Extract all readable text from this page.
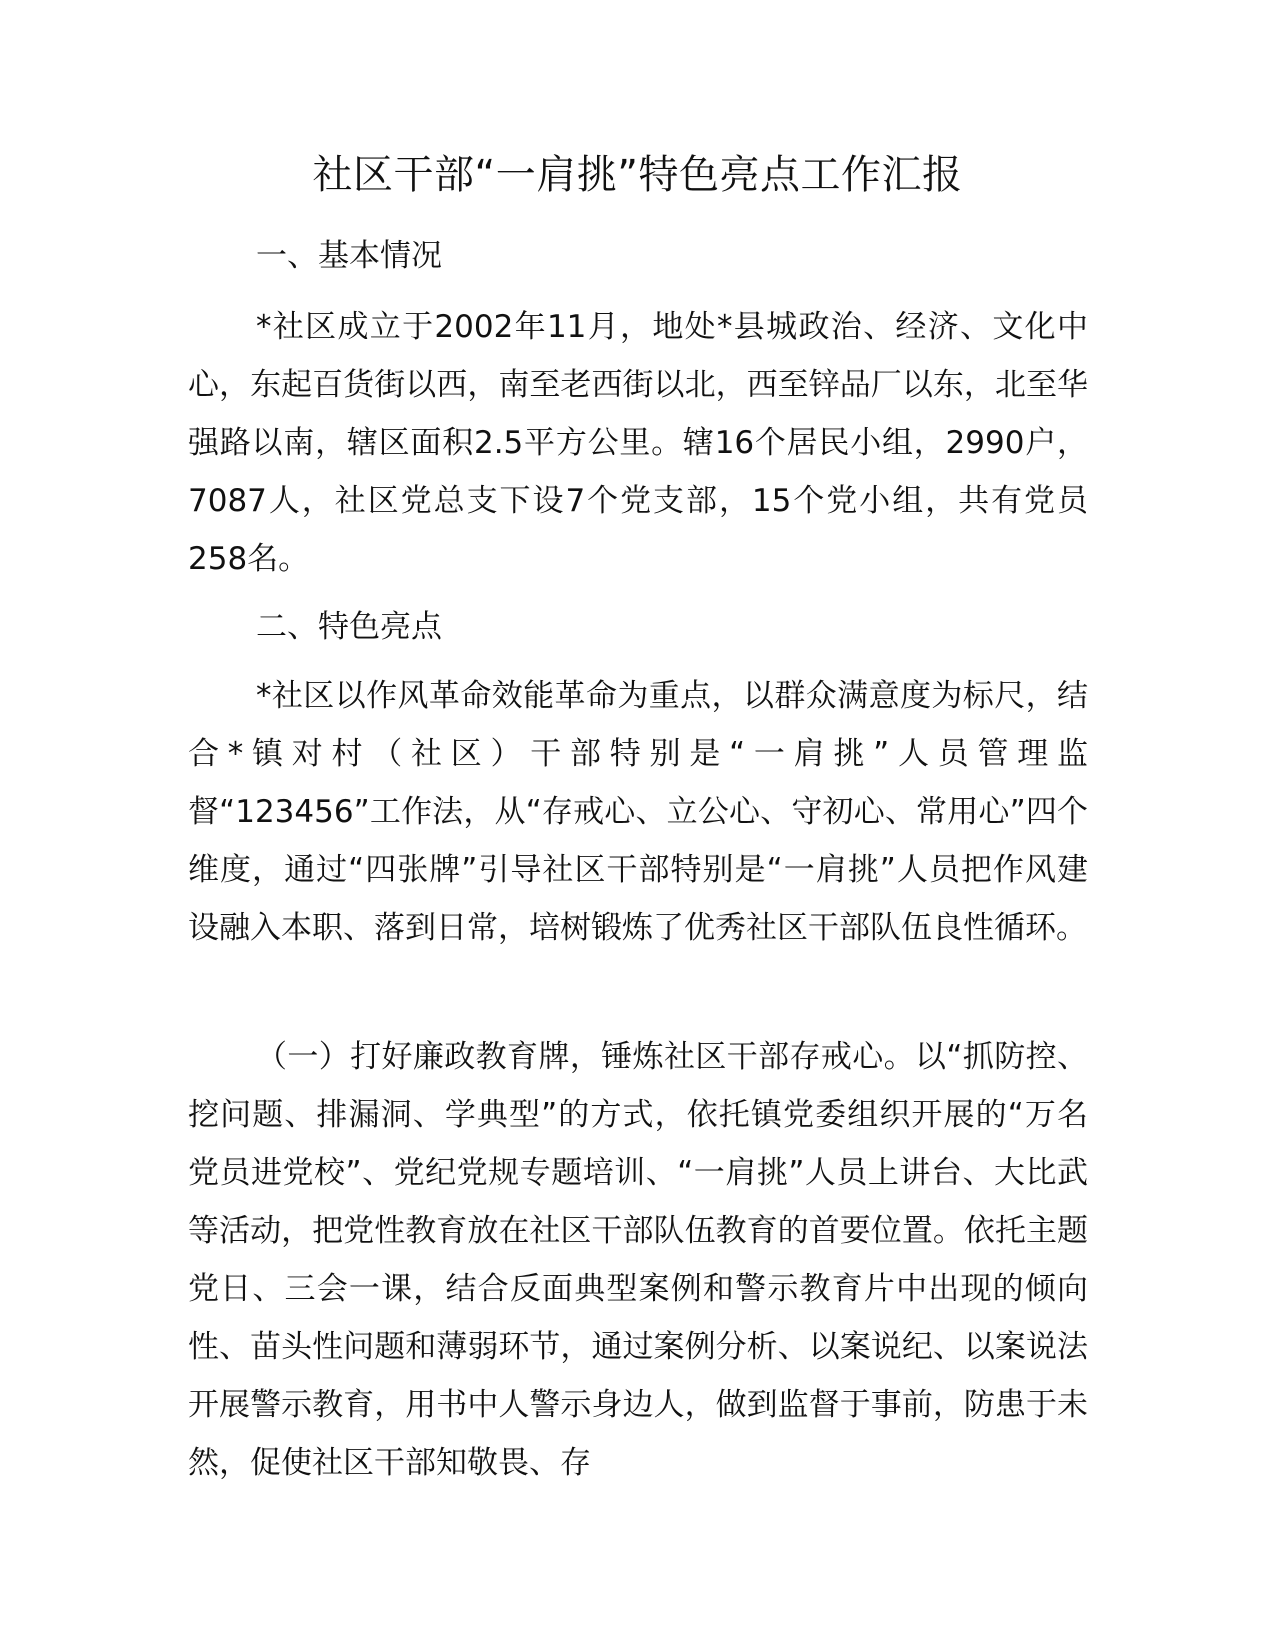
社区干部“一肩挑”特色亮点工作汇报

一、基本情况

*社区成立于2002年11月，地处*县城政治、经济、文化中心，东起百货街以西，南至老西街以北，西至锌品厂以东，北至华强路以南，辖区面积2.5平方公里。辖16个居民小组，2990户，7087人，社区党总支下设7个党支部，15个党小组，共有党员258名。

二、特色亮点

*社区以作风革命效能革命为重点，以群众满意度为标尺，结合*镇对村（社区）干部特别是“一肩挑”人员管理监督“123456”工作法，从“存戒心、立公心、守初心、常用心”四个维度，通过“四张牌”引导社区干部特别是“一肩挑”人员把作风建设融入本职、落到日常，培树锻炼了优秀社区干部队伍良性循环。

（一）打好廉政教育牌，锤炼社区干部存戒心。以“抓防控、挖问题、排漏洞、学典型”的方式，依托镇党委组织开展的“万名党员进党校”、党纪党规专题培训、“一肩挑”人员上讲台、大比武等活动，把党性教育放在社区干部队伍教育的首要位置。依托主题党日、三会一课，结合反面典型案例和警示教育片中出现的倾向性、苗头性问题和薄弱环节，通过案例分析、以案说纪、以案说法开展警示教育，用书中人警示身边人，做到监督于事前，防患于未然，促使社区干部知敬畏、存
